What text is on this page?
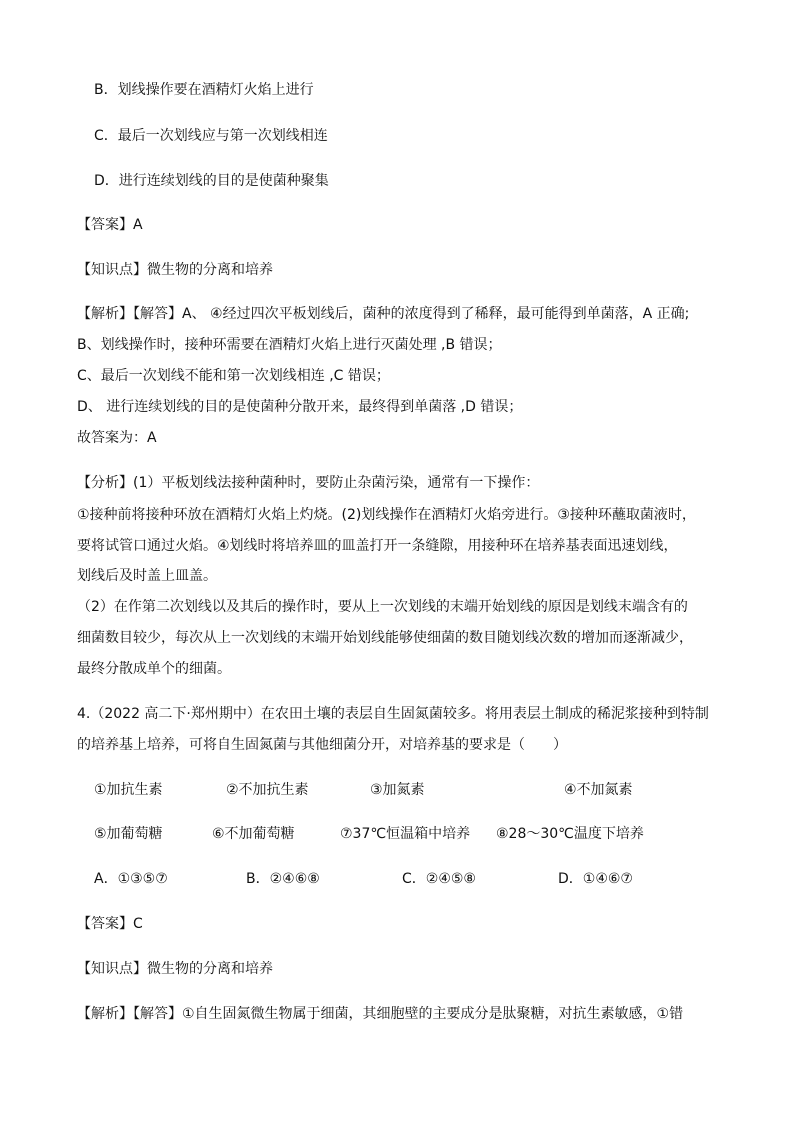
B．划线操作要在酒精灯火焰上进行
C．最后一次划线应与第一次划线相连
D．进行连续划线的目的是使菌种聚集
【答案】A
【知识点】微生物的分离和培养
【解析】【解答】A、 ④经过四次平板划线后，菌种的浓度得到了稀释，最可能得到单菌落，A 正确;
B、划线操作时，接种环需要在酒精灯火焰上进行灭菌处理 ,B 错误；
C、最后一次划线不能和第一次划线相连 ,C 错误；
D、 进行连续划线的目的是使菌种分散开来，最终得到单菌落 ,D 错误；
故答案为：A
【分析】(1）平板划线法接种菌种时，要防止杂菌污染，通常有一下操作：
①接种前将接种环放在酒精灯火焰上灼烧。(2)划线操作在酒精灯火焰旁进行。③接种环蘸取菌液时，
要将试管口通过火焰。④划线时将培养皿的皿盖打开一条缝隙，用接种环在培养基表面迅速划线，
划线后及时盖上皿盖。
（2）在作第二次划线以及其后的操作时，要从上一次划线的末端开始划线的原因是划线末端含有的
细菌数目较少，每次从上一次划线的末端开始划线能够使细菌的数目随划线次数的增加而逐渐减少，
最终分散成单个的细菌。
4.（2022 高二下·郑州期中）在农田土壤的表层自生固氮菌较多。将用表层土制成的稀泥浆接种到特制
的培养基上培养，可将自生固氮菌与其他细菌分开，对培养基的要求是（　　）
①加抗生素	②不加抗生素	③加氮素	④不加氮素
⑤加葡萄糖	⑥不加葡萄糖	⑦37℃恒温箱中培养 ⑧28～30℃温度下培养
A．①③⑤⑦	B．②④⑥⑧	C．②④⑤⑧	D．①④⑥⑦
【答案】C
【知识点】微生物的分离和培养
【解析】【解答】①自生固氮微生物属于细菌，其细胞壁的主要成分是肽聚糖，对抗生素敏感，①错
